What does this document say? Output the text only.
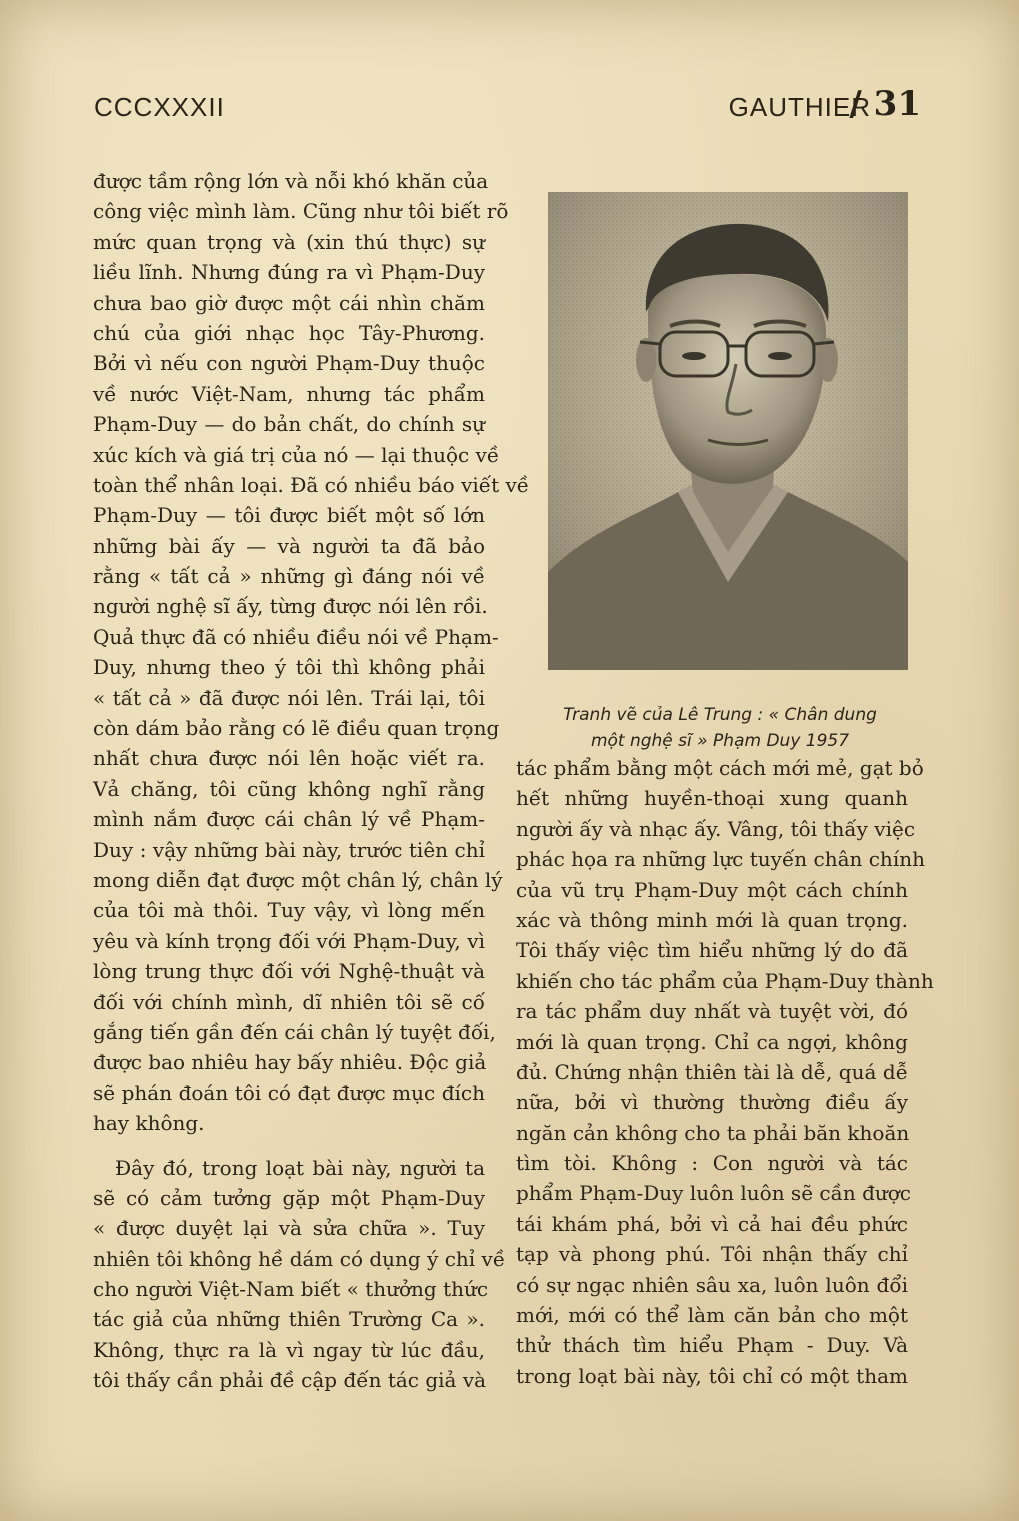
CCCXXXII	GAUTHIER
/ 31
được tầm rộng lớn và nỗi khó khăn của
công việc mình làm. Cũng như tôi biết rõ
mức quan trọng và (xin thú thực) sự
liều lĩnh. Nhưng đúng ra vì Phạm-Duy
chưa bao giờ được một cái nhìn chăm
chú của giới nhạc học Tây-Phương.
Bởi vì nếu con người Phạm-Duy thuộc
về nước Việt-Nam, nhưng tác phẩm
Phạm-Duy — do bản chất, do chính sự
xúc kích và giá trị của nó — lại thuộc về
toàn thể nhân loại. Đã có nhiều báo viết về
Phạm-Duy — tôi được biết một số lớn
những bài ấy — và người ta đã bảo
rằng « tất cả » những gì đáng nói về
người nghệ sĩ ấy, từng được nói lên rồi.
Quả thực đã có nhiều điều nói về Phạm-
Duy, nhưng theo ý tôi thì không phải
« tất cả » đã được nói lên. Trái lại, tôi
còn dám bảo rằng có lẽ điều quan trọng
nhất chưa được nói lên hoặc viết ra.
Vả chăng, tôi cũng không nghĩ rằng
mình nắm được cái chân lý về Phạm-
Duy : vậy những bài này, trước tiên chỉ
mong diễn đạt được một chân lý, chân lý
của tôi mà thôi. Tuy vậy, vì lòng mến
yêu và kính trọng đối với Phạm-Duy, vì
lòng trung thực đối với Nghệ-thuật và
đối với chính mình, dĩ nhiên tôi sẽ cố
gắng tiến gần đến cái chân lý tuyệt đối,
được bao nhiêu hay bấy nhiêu. Độc giả
sẽ phán đoán tôi có đạt được mục đích
hay không.
Đây đó, trong loạt bài này, người ta
sẽ có cảm tưởng gặp một Phạm-Duy
« được duyệt lại và sửa chữa ». Tuy
nhiên tôi không hề dám có dụng ý chỉ về
cho người Việt-Nam biết « thưởng thức
tác giả của những thiên Trường Ca ».
Không, thực ra là vì ngay từ lúc đầu,
tôi thấy cần phải đề cập đến tác giả và
Tranh vẽ của Lê Trung : « Chân dung
một nghệ sĩ » Phạm Duy 1957
tác phẩm bằng một cách mới mẻ, gạt bỏ
hết những huyền-thoại xung quanh
người ấy và nhạc ấy. Vâng, tôi thấy việc
phác họa ra những lực tuyến chân chính
của vũ trụ Phạm-Duy một cách chính
xác và thông minh mới là quan trọng.
Tôi thấy việc tìm hiểu những lý do đã
khiến cho tác phẩm của Phạm-Duy thành
ra tác phẩm duy nhất và tuyệt vời, đó
mới là quan trọng. Chỉ ca ngợi, không
đủ. Chứng nhận thiên tài là dễ, quá dễ
nữa, bởi vì thường thường điều ấy
ngăn cản không cho ta phải băn khoăn
tìm tòi. Không : Con người và tác
phẩm Phạm-Duy luôn luôn sẽ cần được
tái khám phá, bởi vì cả hai đều phức
tạp và phong phú. Tôi nhận thấy chỉ
có sự ngạc nhiên sâu xa, luôn luôn đổi
mới, mới có thể làm căn bản cho một
thử thách tìm hiểu Phạm - Duy. Và
trong loạt bài này, tôi chỉ có một tham
